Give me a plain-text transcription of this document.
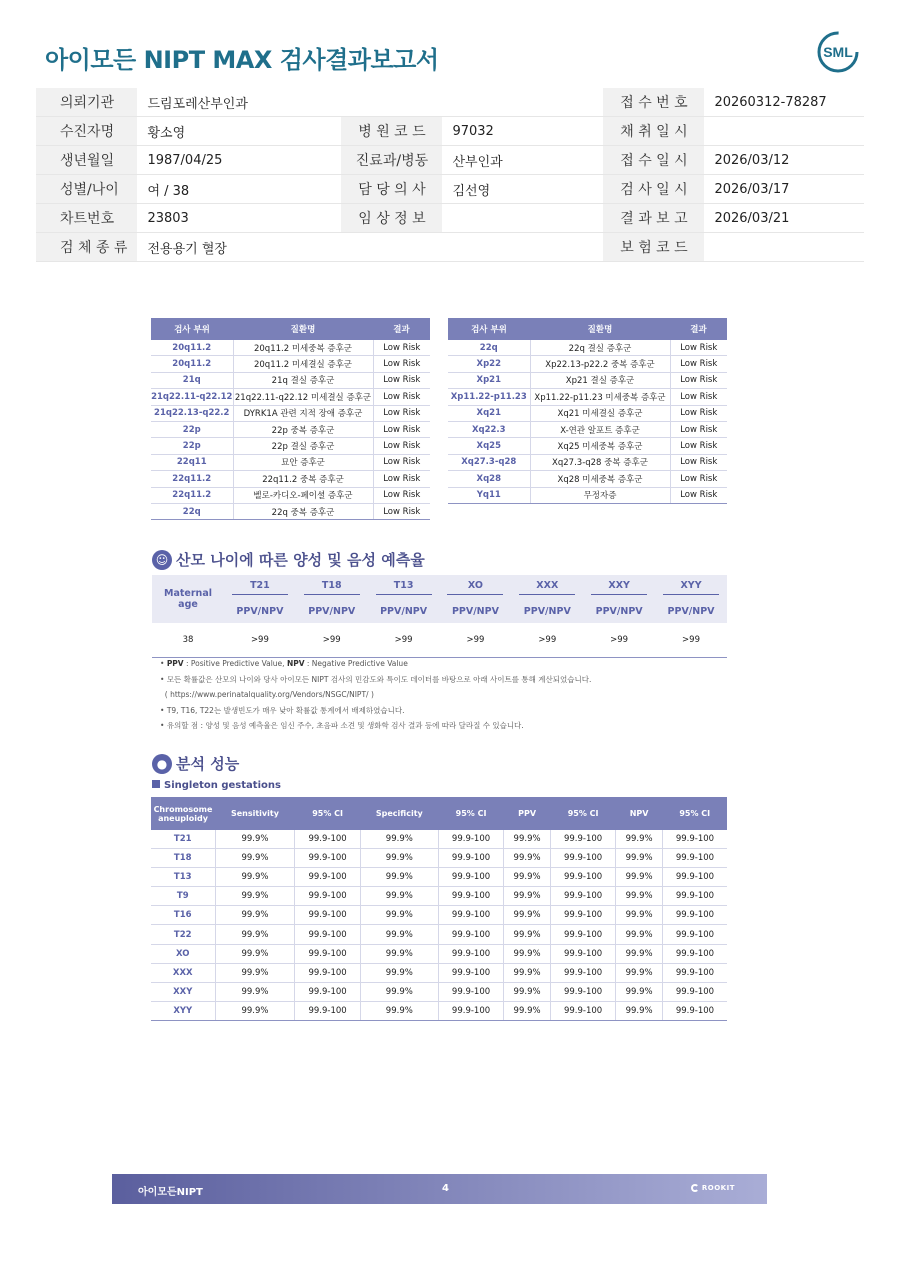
아이모든 NIPT MAX 검사결과보고서	SML
의뢰기관	드림포레산부인과			접 수 번 호	20260312-78287
수진자명	황소영	병 원 코 드	97032	채 취 일 시	
생년월일	1987/04/25	진료과/병동	산부인과	접 수 일 시	2026/03/12
성별/나이	여 / 38	담 당 의 사	김선영	검 사 일 시	2026/03/17
차트번호	23803	임 상 정 보		결 과 보 고	2026/03/21
검 체 종 류	전용용기 혈장			보 험 코 드	
검사 부위	질환명	결과
20q11.2	20q11.2 미세중복 증후군	Low Risk
20q11.2	20q11.2 미세결실 증후군	Low Risk
21q	21q 결실 증후군	Low Risk
21q22.11-q22.12	21q22.11-q22.12 미세결실 증후군	Low Risk
21q22.13-q22.2	DYRK1A 관련 지적 장애 증후군	Low Risk
22p	22p 중복 증후군	Low Risk
22p	22p 결실 증후군	Low Risk
22q11	묘안 증후군	Low Risk
22q11.2	22q11.2 중복 증후군	Low Risk
22q11.2	벨로-카디오-페이셜 증후군	Low Risk
22q	22q 중복 증후군	Low Risk
검사 부위	질환명	결과
22q	22q 결실 증후군	Low Risk
Xp22	Xp22.13-p22.2 중복 증후군	Low Risk
Xp21	Xp21 결실 증후군	Low Risk
Xp11.22-p11.23	Xp11.22-p11.23 미세중복 증후군	Low Risk
Xq21	Xq21 미세결실 증후군	Low Risk
Xq22.3	X-연관 알포트 증후군	Low Risk
Xq25	Xq25 미세중복 증후군	Low Risk
Xq27.3-q28	Xq27.3-q28 중복 증후군	Low Risk
Xq28	Xq28 미세중복 증후군	Low Risk
Yq11	무정자증	Low Risk
☺ 산모 나이에 따른 양성 및 음성 예측율
Maternal
age	T21	T18	T13	XO	XXX	XXY	XYY
	PPV/NPV	PPV/NPV	PPV/NPV	PPV/NPV	PPV/NPV	PPV/NPV	PPV/NPV
38	>99	>99	>99	>99	>99	>99	>99
• PPV : Positive Predictive Value, NPV : Negative Predictive Value
• 모든 확률값은 산모의 나이와 당사 아이모든 NIPT 검사의 민감도와 특이도 데이터를 바탕으로 아래 사이트를 통해 계산되었습니다.
( https://www.perinatalquality.org/Vendors/NSGC/NIPT/ )
• T9, T16, T22는 발생빈도가 매우 낮아 확률값 통계에서 배제하였습니다.
• 유의할 점 : 양성 및 음성 예측율은 임신 주수, 초음파 소견 및 생화학 검사 결과 등에 따라 달라질 수 있습니다.
● 분석 성능
Singleton gestations
Chromosome aneuploidy	Sensitivity	95% CI	Specificity	95% CI	PPV	95% CI	NPV	95% CI
T21	99.9%	99.9-100	99.9%	99.9-100	99.9%	99.9-100	99.9%	99.9-100
T18	99.9%	99.9-100	99.9%	99.9-100	99.9%	99.9-100	99.9%	99.9-100
T13	99.9%	99.9-100	99.9%	99.9-100	99.9%	99.9-100	99.9%	99.9-100
T9	99.9%	99.9-100	99.9%	99.9-100	99.9%	99.9-100	99.9%	99.9-100
T16	99.9%	99.9-100	99.9%	99.9-100	99.9%	99.9-100	99.9%	99.9-100
T22	99.9%	99.9-100	99.9%	99.9-100	99.9%	99.9-100	99.9%	99.9-100
XO	99.9%	99.9-100	99.9%	99.9-100	99.9%	99.9-100	99.9%	99.9-100
XXX	99.9%	99.9-100	99.9%	99.9-100	99.9%	99.9-100	99.9%	99.9-100
XXY	99.9%	99.9-100	99.9%	99.9-100	99.9%	99.9-100	99.9%	99.9-100
XYY	99.9%	99.9-100	99.9%	99.9-100	99.9%	99.9-100	99.9%	99.9-100
아이모든NIPT	4	ROOKIT
